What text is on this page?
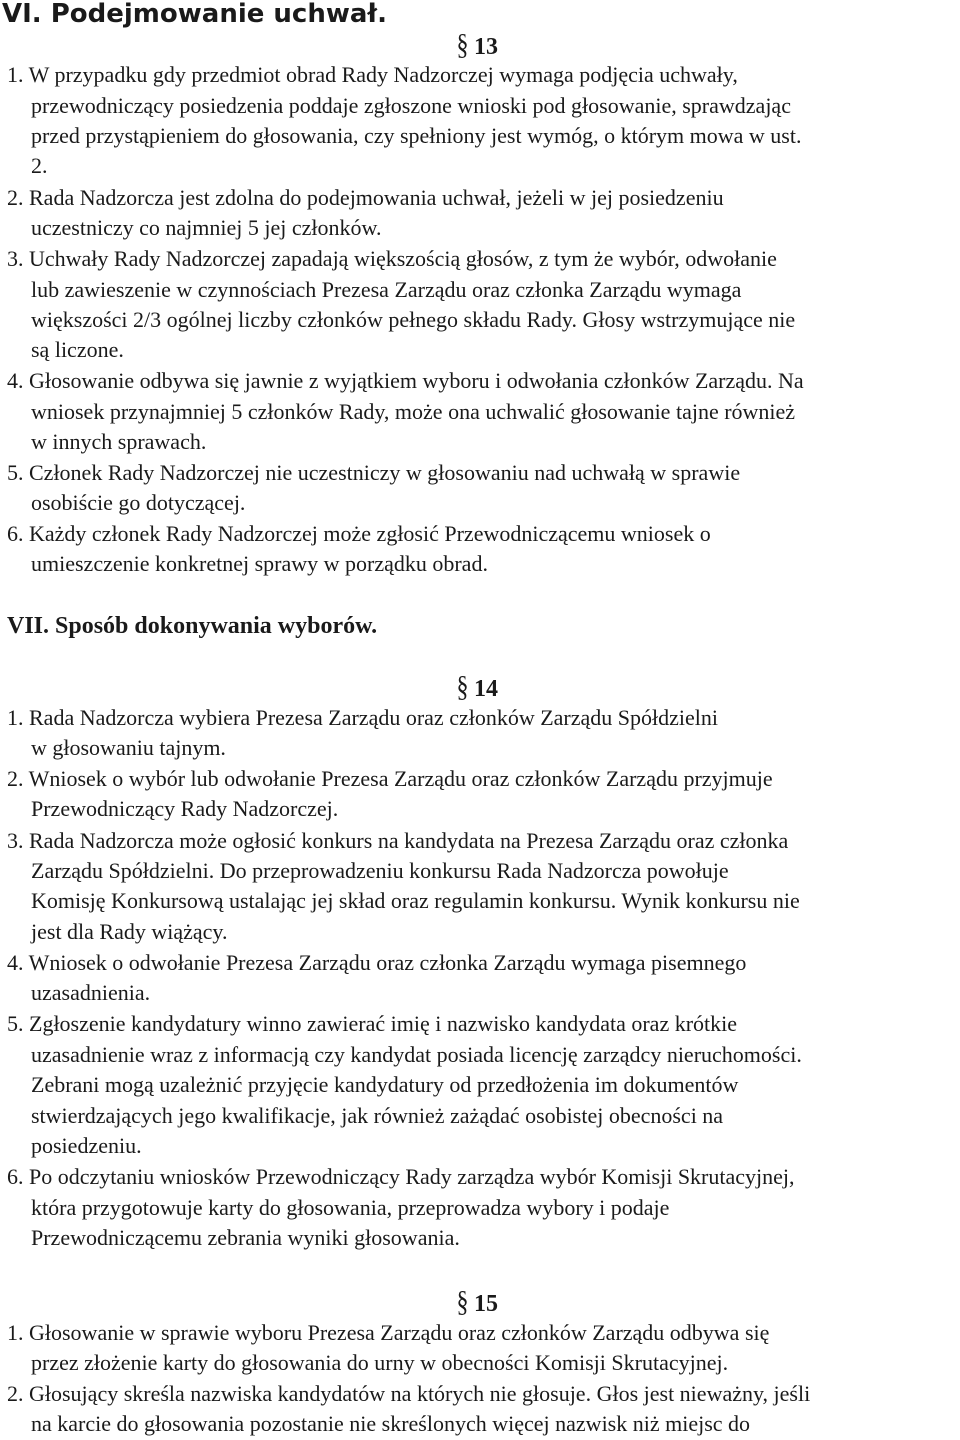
VI. Podejmowanie uchwał.
§ 13

1. W przypadku gdy przedmiot obrad Rady Nadzorczej wymaga podjęcia uchwały,

przewodniczący posiedzenia poddaje zgłoszone wnioski pod głosowanie, sprawdzając

przed przystąpieniem do głosowania, czy spełniony jest wymóg, o którym mowa w ust.

2.

2. Rada Nadzorcza jest zdolna do podejmowania uchwał, jeżeli w jej posiedzeniu

uczestniczy co najmniej 5 jej członków.

3. Uchwały Rady Nadzorczej zapadają większością głosów, z tym że wybór, odwołanie

lub zawieszenie w czynnościach Prezesa Zarządu oraz członka Zarządu wymaga

większości 2/3 ogólnej liczby członków pełnego składu Rady. Głosy wstrzymujące nie

są liczone.

4. Głosowanie odbywa się jawnie z wyjątkiem wyboru i odwołania członków Zarządu. Na

wniosek przynajmniej 5 członków Rady, może ona uchwalić głosowanie tajne również

w innych sprawach.

5. Członek Rady Nadzorczej nie uczestniczy w głosowaniu nad uchwałą w sprawie

osobiście go dotyczącej.

6. Każdy członek Rady Nadzorczej może zgłosić Przewodniczącemu wniosek o

umieszczenie konkretnej sprawy w porządku obrad.

VII. Sposób dokonywania wyborów.
§ 14

1. Rada Nadzorcza wybiera Prezesa Zarządu oraz członków Zarządu Spółdzielni

w głosowaniu tajnym.

2. Wniosek o wybór lub odwołanie Prezesa Zarządu oraz członków Zarządu przyjmuje

Przewodniczący Rady Nadzorczej.

3. Rada Nadzorcza może ogłosić konkurs na kandydata na Prezesa Zarządu oraz członka

Zarządu Spółdzielni. Do przeprowadzeniu konkursu Rada Nadzorcza powołuje

Komisję Konkursową ustalając jej skład oraz regulamin konkursu. Wynik konkursu nie

jest dla Rady wiążący.

4. Wniosek o odwołanie Prezesa Zarządu oraz członka Zarządu wymaga pisemnego

uzasadnienia.

5. Zgłoszenie kandydatury winno zawierać imię i nazwisko kandydata oraz krótkie

uzasadnienie wraz z informacją czy kandydat posiada licencję zarządcy nieruchomości.

Zebrani mogą uzależnić przyjęcie kandydatury od przedłożenia im dokumentów

stwierdzających jego kwalifikacje, jak również zażądać osobistej obecności na

posiedzeniu.

6. Po odczytaniu wniosków Przewodniczący Rady zarządza wybór Komisji Skrutacyjnej,

która przygotowuje karty do głosowania, przeprowadza wybory i podaje

Przewodniczącemu zebrania wyniki głosowania.

§ 15

1. Głosowanie w sprawie wyboru Prezesa Zarządu oraz członków Zarządu odbywa się

przez złożenie karty do głosowania do urny w obecności Komisji Skrutacyjnej.

2. Głosujący skreśla nazwiska kandydatów na których nie głosuje. Głos jest nieważny, jeśli

na karcie do głosowania pozostanie nie skreślonych więcej nazwisk niż miejsc do
